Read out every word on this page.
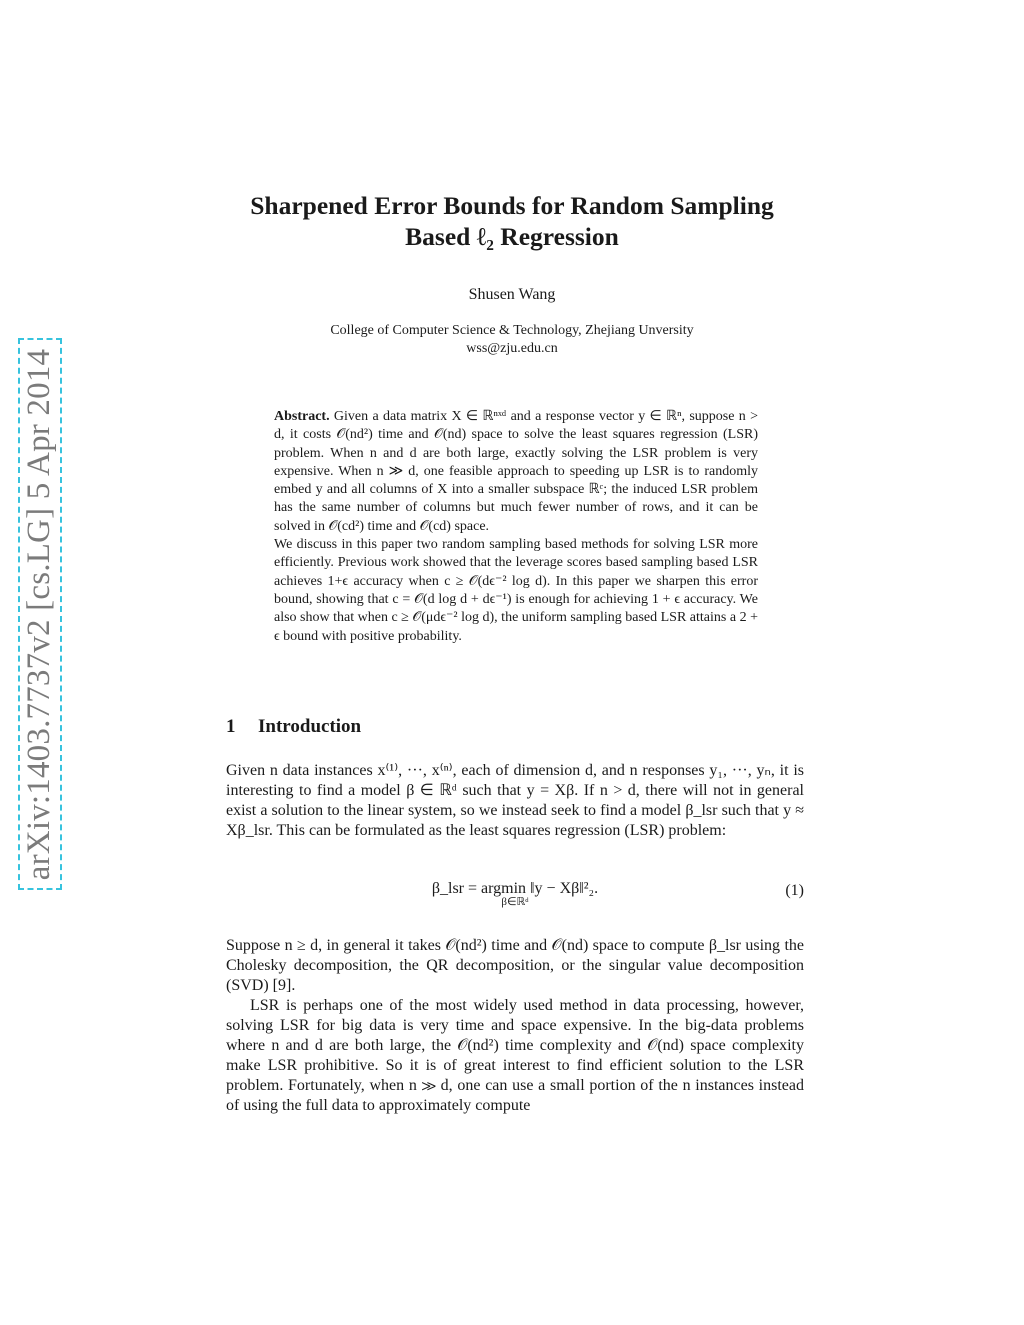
arXiv:1403.7737v2 [cs.LG] 5 Apr 2014
Sharpened Error Bounds for Random Sampling
Based ℓ₂ Regression
Shusen Wang
College of Computer Science & Technology, Zhejiang Unversity
wss@zju.edu.cn

Abstract. Given a data matrix X ∈ ℝⁿˣᵈ and a response vector y ∈ ℝⁿ, suppose n > d, it costs 𝒪(nd²) time and 𝒪(nd) space to solve the least squares regression (LSR) problem. When n and d are both large, exactly solving the LSR problem is very expensive. When n ≫ d, one feasible approach to speeding up LSR is to randomly embed y and all columns of X into a smaller subspace ℝᶜ; the induced LSR problem has the same number of columns but much fewer number of rows, and it can be solved in 𝒪(cd²) time and 𝒪(cd) space.

We discuss in this paper two random sampling based methods for solving LSR more efficiently. Previous work showed that the leverage scores based sampling based LSR achieves 1+ϵ accuracy when c ≥ 𝒪(dϵ⁻² log d). In this paper we sharpen this error bound, showing that c = 𝒪(d log d + dϵ⁻¹) is enough for achieving 1 + ϵ accuracy. We also show that when c ≥ 𝒪(μdϵ⁻² log d), the uniform sampling based LSR attains a 2 + ϵ bound with positive probability.

1 Introduction

Given n data instances x⁽¹⁾, ···, x⁽ⁿ⁾, each of dimension d, and n responses y₁, ···, yₙ, it is interesting to find a model β ∈ ℝᵈ such that y = Xβ. If n > d, there will not in general exist a solution to the linear system, so we instead seek to find a model β_lsr such that y ≈ Xβ_lsr. This can be formulated as the least squares regression (LSR) problem:

β_lsr = argmin ‖y − Xβ‖²₂.
β∈ℝᵈ
(1)

Suppose n ≥ d, in general it takes 𝒪(nd²) time and 𝒪(nd) space to compute β_lsr using the Cholesky decomposition, the QR decomposition, or the singular value decomposition (SVD) [9].

LSR is perhaps one of the most widely used method in data processing, however, solving LSR for big data is very time and space expensive. In the big-data problems where n and d are both large, the 𝒪(nd²) time complexity and 𝒪(nd) space complexity make LSR prohibitive. So it is of great interest to find efficient solution to the LSR problem. Fortunately, when n ≫ d, one can use a small portion of the n instances instead of using the full data to approximately compute
